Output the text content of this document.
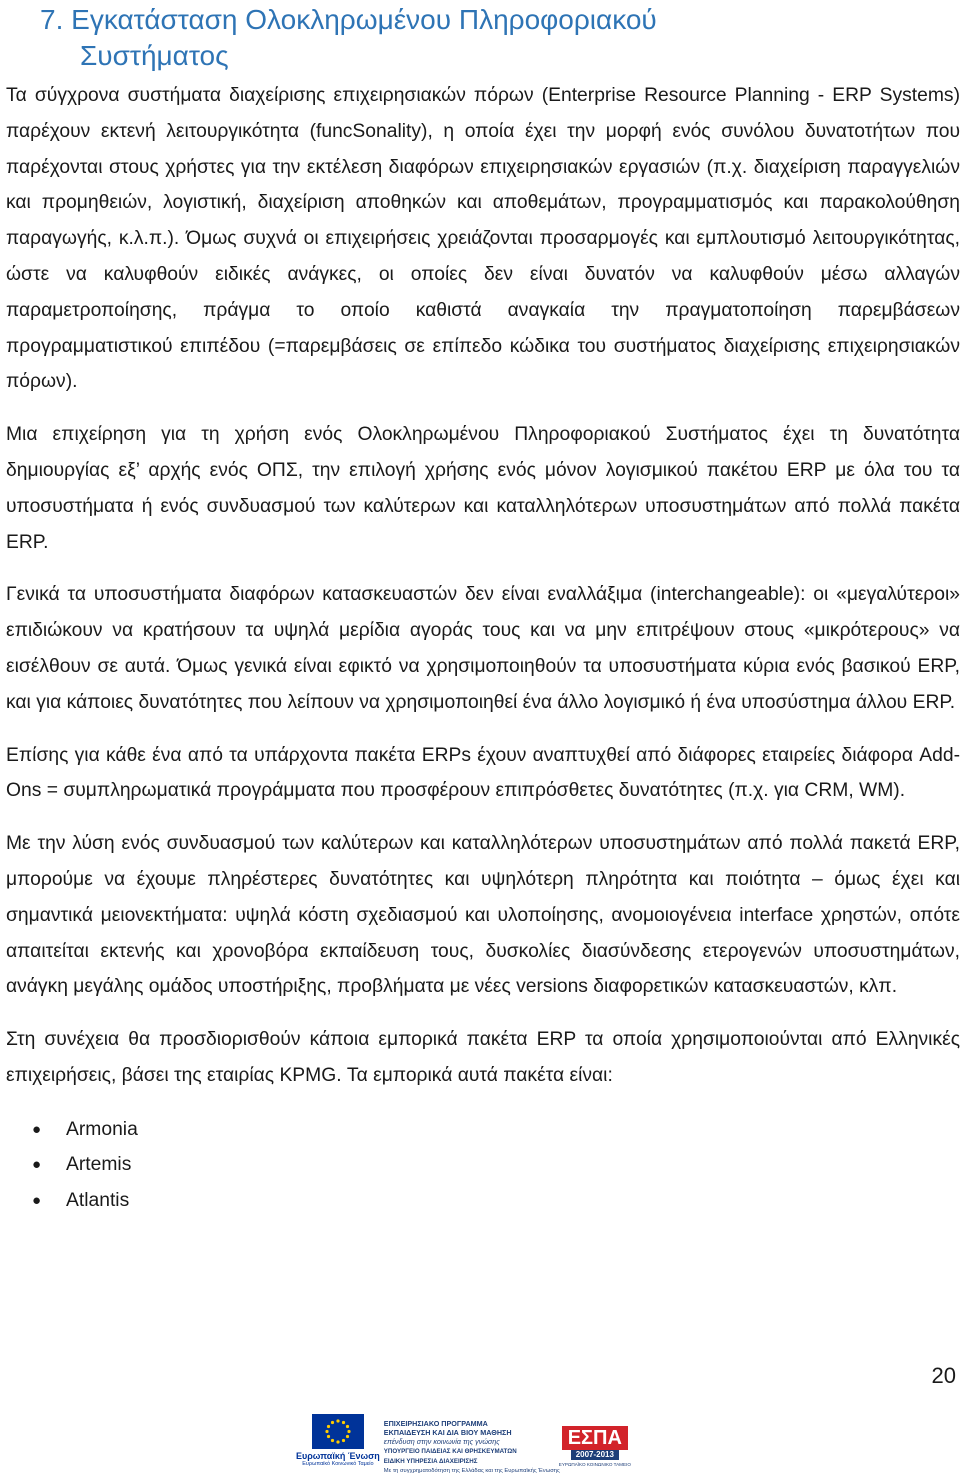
7. Εγκατάσταση Ολοκληρωμένου Πληροφοριακού
Συστήματος

Τα σύγχρονα συστήματα διαχείρισης επιχειρησιακών πόρων (Enterprise Resource Planning - ERP Systems) παρέχουν εκτενή λειτουργικότητα (funcSonality), η οποία έχει την μορφή ενός συνόλου δυνατοτήτων που παρέχονται στους χρήστες για την εκτέλεση διαφόρων επιχειρησιακών εργασιών (π.χ. διαχείριση παραγγελιών και προμηθειών, λογιστική, διαχείριση αποθηκών και αποθεμάτων, προγραμματισμός και παρακολούθηση παραγωγής, κ.λ.π.). Όμως συχνά οι επιχειρήσεις χρειάζονται προσαρμογές και εμπλουτισμό λειτουργικότητας, ώστε να καλυφθούν ειδικές ανάγκες, οι οποίες δεν είναι δυνατόν να καλυφθούν μέσω αλλαγών παραμετροποίησης, πράγμα το οποίο καθιστά αναγκαία την πραγματοποίηση παρεμβάσεων προγραμματιστικού επιπέδου (=παρεμβάσεις σε επίπεδο κώδικα του συστήματος διαχείρισης επιχειρησιακών πόρων).

Μια επιχείρηση για τη χρήση ενός Ολοκληρωμένου Πληροφοριακού Συστήματος έχει τη δυνατότητα δημιουργίας εξ’ αρχής ενός ΟΠΣ, την επιλογή χρήσης ενός μόνον λογισμικού πακέτου ERP με όλα του τα υποσυστήματα ή ενός συνδυασμού των καλύτερων και καταλληλότερων υποσυστημάτων από πολλά πακέτα ERP.

Γενικά τα υποσυστήματα διαφόρων κατασκευαστών δεν είναι εναλλάξιμα (interchangeable): οι «μεγαλύτεροι» επιδιώκουν να κρατήσουν τα υψηλά μερίδια αγοράς τους και να μην επιτρέψουν στους «μικρότερους» να εισέλθουν σε αυτά. Όμως γενικά είναι εφικτό να χρησιμοποιηθούν τα υποσυστήματα κύρια ενός βασικού ERP, και για κάποιες δυνατότητες που λείπουν να χρησιμοποιηθεί ένα άλλο λογισμικό ή ένα υποσύστημα άλλου ERP.

Επίσης για κάθε ένα από τα υπάρχοντα πακέτα ERPs έχουν αναπτυχθεί από διάφορες εταιρείες διάφορα Add-Ons = συμπληρωματικά προγράμματα που προσφέρουν επιπρόσθετες δυνατότητες (π.χ. για CRM, WM).

Με την λύση ενός συνδυασμού των καλύτερων και καταλληλότερων υποσυστημάτων από πολλά πακετά ERP, μπορούμε να έχουμε πληρέστερες δυνατότητες και υψηλότερη πληρότητα και ποιότητα – όμως έχει και σημαντικά μειονεκτήματα: υψηλά κόστη σχεδιασμού και υλοποίησης, ανομοιογένεια interface χρηστών, οπότε απαιτείται εκτενής και χρονοβόρα εκπαίδευση τους, δυσκολίες διασύνδεσης ετερογενών υποσυστημάτων, ανάγκη μεγάλης ομάδος υποστήριξης, προβλήματα με νέες versions διαφορετικών κατασκευαστών, κλπ.

Στη συνέχεια θα προσδιορισθούν κάποια εμπορικά πακέτα ERP τα οποία χρησιμοποιούνται από Ελληνικές επιχειρήσεις, βάσει της εταιρίας KPMG. Τα εμπορικά αυτά πακέτα είναι:

●	Armonia
●	Artemis
●	Atlantis
20
Ευρωπαϊκή Ένωση
Ευρωπαϊκό Κοινωνικό Ταμείο
ΕΠΙΧΕΙΡΗΣΙΑΚΟ ΠΡΟΓΡΑΜΜΑ
ΕΚΠΑΙΔΕΥΣΗ ΚΑΙ ΔΙΑ ΒΙΟΥ ΜΑΘΗΣΗ
επένδυση στην κοινωνία της γνώσης
ΥΠΟΥΡΓΕΙΟ ΠΑΙΔΕΙΑΣ ΚΑΙ ΘΡΗΣΚΕΥΜΑΤΩΝ
ΕΙΔΙΚΗ ΥΠΗΡΕΣΙΑ ΔΙΑΧΕΙΡΙΣΗΣ
Με τη συγχρηματοδότηση της Ελλάδας και της Ευρωπαϊκής Ένωσης
ΕΣΠΑ
2007-2013
ΕΥΡΩΠΑΪΚΟ ΚΟΙΝΩΝΙΚΟ ΤΑΜΕΙΟ
